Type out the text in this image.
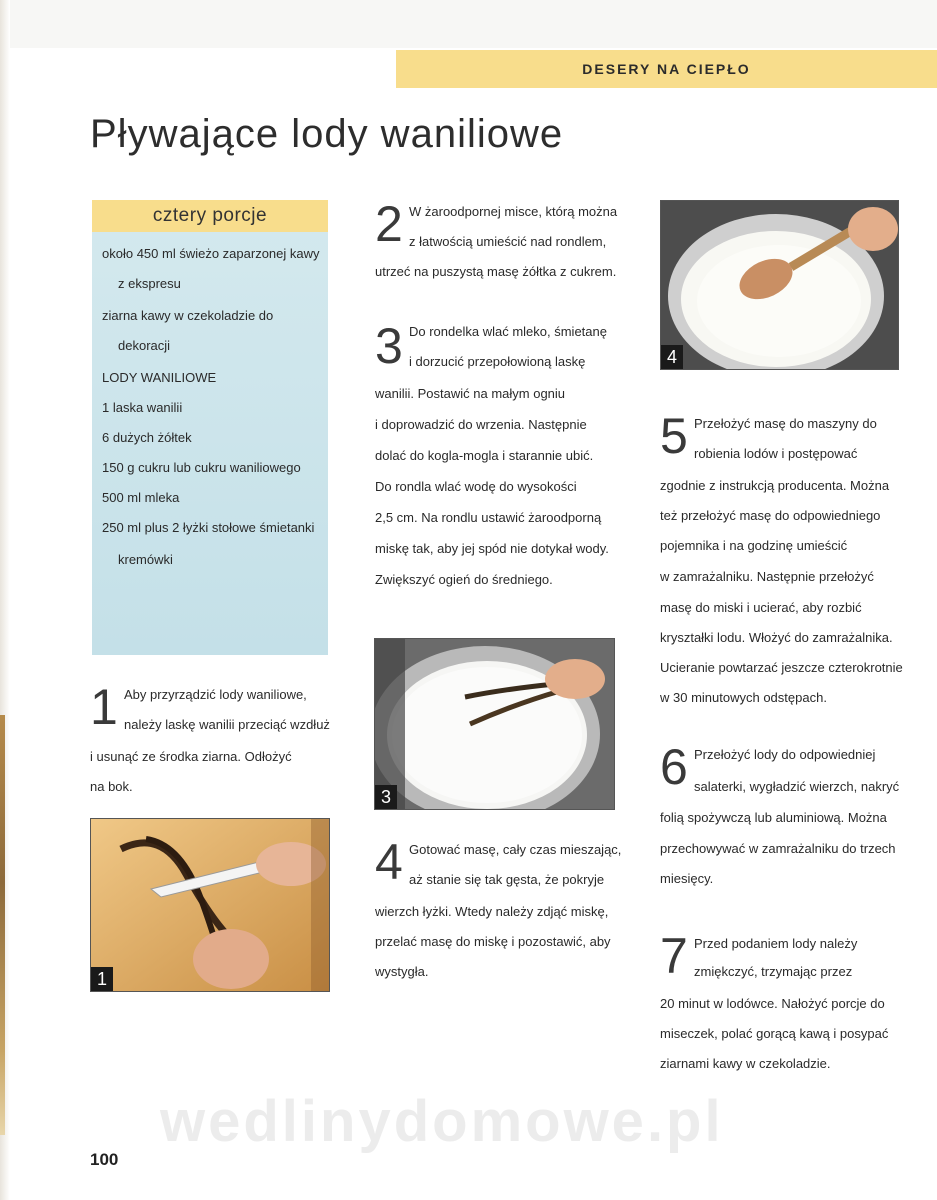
DESERY NA CIEPŁO
Pływające lody waniliowe
cztery porcje
około 450 ml świeżo zaparzonej kawy
z ekspresu
ziarna kawy w czekoladzie do
dekoracji
LODY WANILIOWE
1 laska wanilii
6 dużych żółtek
150 g cukru lub cukru waniliowego
500 ml mleka
250 ml plus 2 łyżki stołowe śmietanki
kremówki
1 Aby przyrządzić lody waniliowe,
należy laskę wanilii przeciąć wzdłuż
i usunąć ze środka ziarna. Odłożyć
na bok.
1
2 W żaroodpornej misce, którą można
z łatwością umieścić nad rondlem,
utrzeć na puszystą masę żółtka z cukrem.
3 Do rondelka wlać mleko, śmietanę
i dorzucić przepołowioną laskę
wanilii. Postawić na małym ogniu
i doprowadzić do wrzenia. Następnie
dolać do kogla-mogla i starannie ubić.
Do rondla wlać wodę do wysokości
2,5 cm. Na rondlu ustawić żaroodporną
miskę tak, aby jej spód nie dotykał wody.
Zwiększyć ogień do średniego.
3
4 Gotować masę, cały czas mieszając,
aż stanie się tak gęsta, że pokryje
wierzch łyżki. Wtedy należy zdjąć miskę,
przelać masę do miskę i pozostawić, aby
wystygła.
4
5 Przełożyć masę do maszyny do
robienia lodów i postępować
zgodnie z instrukcją producenta. Można
też przełożyć masę do odpowiedniego
pojemnika i na godzinę umieścić
w zamrażalniku. Następnie przełożyć
masę do miski i ucierać, aby rozbić
kryształki lodu. Włożyć do zamrażalnika.
Ucieranie powtarzać jeszcze czterokrotnie
w 30 minutowych odstępach.
6 Przełożyć lody do odpowiedniej
salaterki, wygładzić wierzch, nakryć
folią spożywczą lub aluminiową. Można
przechowywać w zamrażalniku do trzech
miesięcy.
7 Przed podaniem lody należy
zmiękczyć, trzymając przez
20 minut w lodówce. Nałożyć porcje do
miseczek, polać gorącą kawą i posypać
ziarnami kawy w czekoladzie.
wedlinydomowe.pl
100
